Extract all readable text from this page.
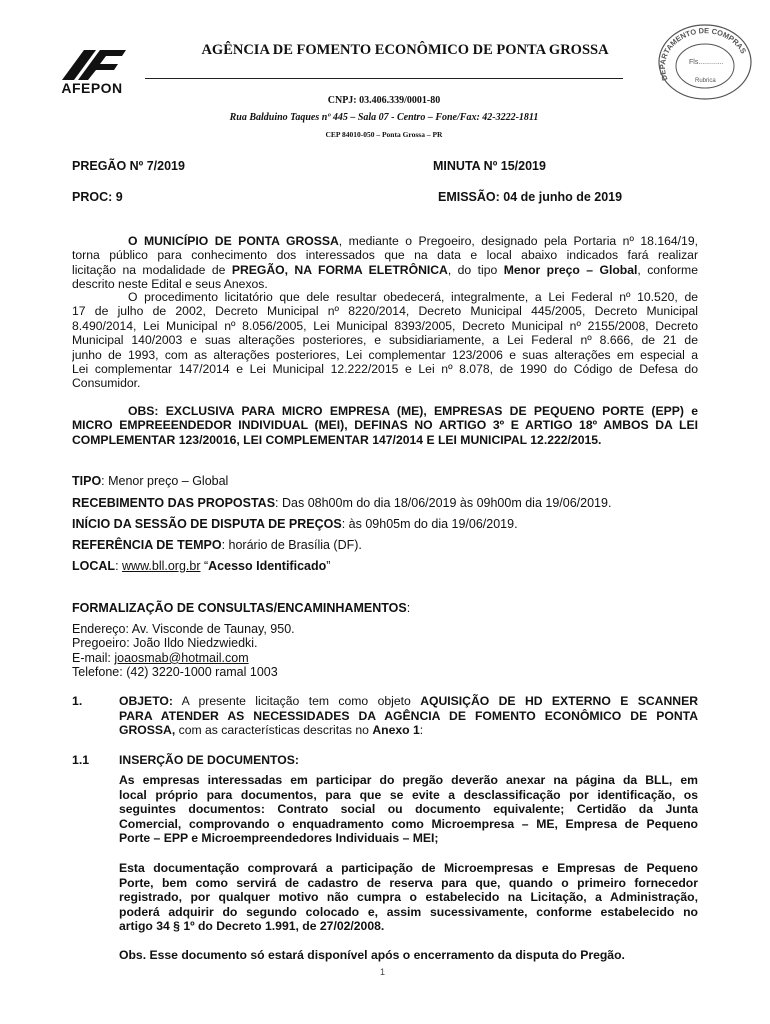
AFEPON
AGÊNCIA DE FOMENTO ECONÔMICO DE PONTA GROSSA
CNPJ: 03.406.339/0001-80
Rua Balduino Taques nº 445 – Sala 07 - Centro – Fone/Fax: 42-3222-1811
CEP 84010-050 – Ponta Grossa – PR
DEPARTAMENTO DE COMPRAS
Fls.............
Rubrica
PREGÃO Nº 7/2019	MINUTA Nº 15/2019
PROC: 9	EMISSÃO: 04 de junho de 2019
O MUNICÍPIO DE PONTA GROSSA, mediante o Pregoeiro, designado pela Portaria nº 18.164/19,
torna público para conhecimento dos interessados que na data e local abaixo indicados fará realizar
licitação na modalidade de PREGÃO, NA FORMA ELETRÔNICA, do tipo Menor preço – Global, conforme
descrito neste Edital e seus Anexos.
O procedimento licitatório que dele resultar obedecerá, integralmente, a Lei Federal nº 10.520, de
17 de julho de 2002, Decreto Municipal nº 8220/2014, Decreto Municipal 445/2005, Decreto Municipal
8.490/2014, Lei Municipal nº 8.056/2005, Lei Municipal 8393/2005, Decreto Municipal nº 2155/2008, Decreto
Municipal 140/2003 e suas alterações posteriores, e subsidiariamente, a Lei Federal nº 8.666, de 21 de
junho de 1993, com as alterações posteriores, Lei complementar 123/2006 e suas alterações em especial a
Lei complementar 147/2014 e Lei Municipal 12.222/2015 e Lei nº 8.078, de 1990 do Código de Defesa do
Consumidor.
OBS: EXCLUSIVA PARA MICRO EMPRESA (ME), EMPRESAS DE PEQUENO PORTE (EPP) e
MICRO EMPREEENDEDOR INDIVIDUAL (MEI), DEFINAS NO ARTIGO 3º E ARTIGO 18º AMBOS DA LEI
COMPLEMENTAR 123/20016, LEI COMPLEMENTAR 147/2014 E LEI MUNICIPAL 12.222/2015.
TIPO: Menor preço – Global
RECEBIMENTO DAS PROPOSTAS: Das 08h00m do dia 18/06/2019 às 09h00m dia 19/06/2019.
INÍCIO DA SESSÃO DE DISPUTA DE PREÇOS: às 09h05m do dia 19/06/2019.
REFERÊNCIA DE TEMPO: horário de Brasília (DF).
LOCAL: www.bll.org.br “Acesso Identificado”
FORMALIZAÇÃO DE CONSULTAS/ENCAMINHAMENTOS:
Endereço: Av. Visconde de Taunay, 950.
Pregoeiro: João Ildo Niedzwiedki.
E-mail: joaosmab@hotmail.com
Telefone: (42) 3220-1000 ramal 1003
1.	OBJETO: A presente licitação tem como objeto AQUISIÇÃO DE HD EXTERNO E SCANNER
PARA ATENDER AS NECESSIDADES DA AGÊNCIA DE FOMENTO ECONÔMICO DE PONTA
GROSSA, com as características descritas no Anexo 1:
1.1 INSERÇÃO DE DOCUMENTOS:
As empresas interessadas em participar do pregão deverão anexar na página da BLL, em
local próprio para documentos, para que se evite a desclassificação por identificação, os
seguintes documentos: Contrato social ou documento equivalente; Certidão da Junta
Comercial, comprovando o enquadramento como Microempresa – ME, Empresa de Pequeno
Porte – EPP e Microempreendedores Individuais – MEI;
Esta documentação comprovará a participação de Microempresas e Empresas de Pequeno
Porte, bem como servirá de cadastro de reserva para que, quando o primeiro fornecedor
registrado, por qualquer motivo não cumpra o estabelecido na Licitação, a Administração,
poderá adquirir do segundo colocado e, assim sucessivamente, conforme estabelecido no
artigo 34 § 1º do Decreto 1.991, de 27/02/2008.
Obs. Esse documento só estará disponível após o encerramento da disputa do Pregão.
1
